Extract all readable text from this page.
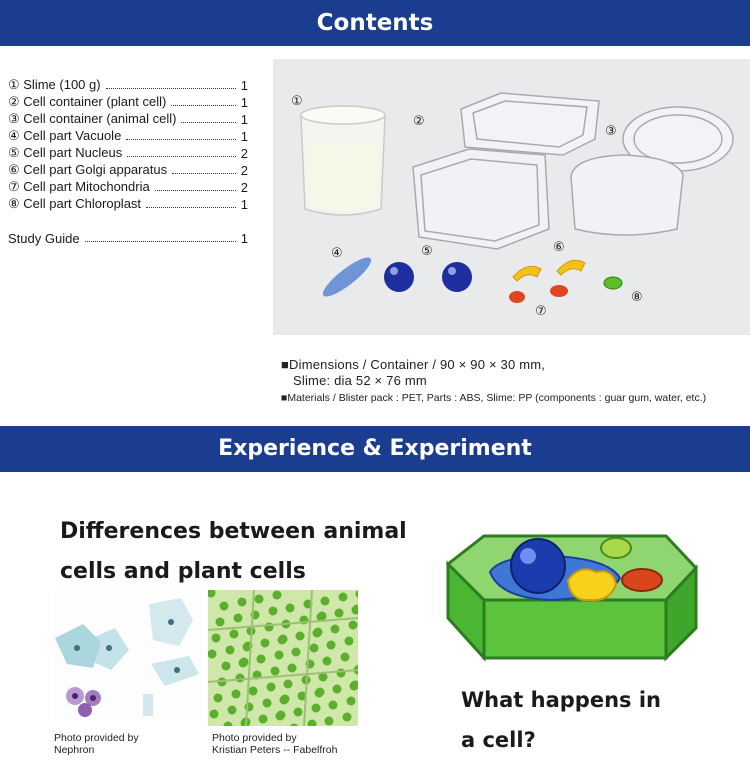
Contents
① Slime (100 g)	1
② Cell container (plant cell)	1
③ Cell container (animal cell)	1
④ Cell part Vacuole	1
⑤ Cell part Nucleus	2
⑥ Cell part Golgi apparatus	2
⑦ Cell part Mitochondria	2
⑧ Cell part Chloroplast	1
Study Guide	1
①
②
③
④	⑤	⑥
⑦
⑧
■Dimensions / Container / 90 × 90 × 30 mm,
Slime: dia 52 × 76 mm
■Materials / Blister pack : PET, Parts : ABS, Slime: PP (components : guar gum, water, etc.)
Experience & Experiment
Differences between animal
cells and plant cells
Photo provided by
Nephron
Photo provided by
Kristian Peters -- Fabelfroh
What happens in
a cell?
